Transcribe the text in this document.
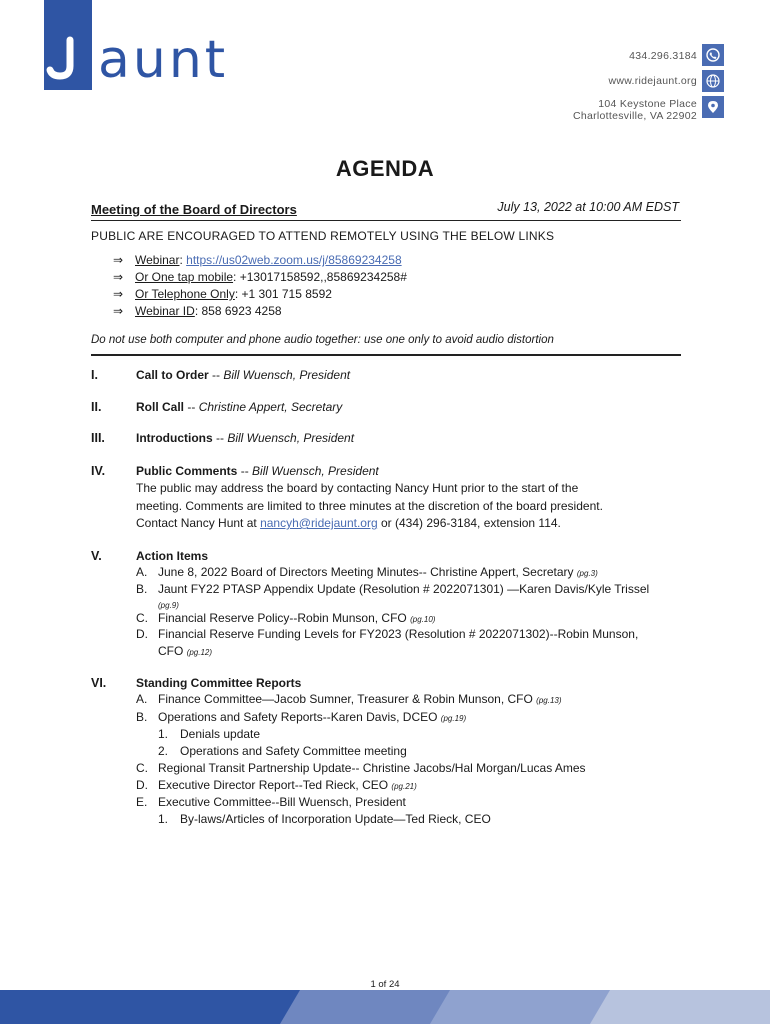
aunt	434.296.3184
www.ridejaunt.org
104 Keystone Place
Charlottesville, VA 22902
AGENDA
Meeting of the Board of Directors	July 13, 2022 at 10:00 AM EDST
PUBLIC ARE ENCOURAGED TO ATTEND REMOTELY USING THE BELOW LINKS
⇒ Webinar: https://us02web.zoom.us/j/85869234258
⇒ Or One tap mobile: +13017158592,,85869234258#
⇒ Or Telephone Only: +1 301 715 8592
⇒ Webinar ID: 858 6923 4258
Do not use both computer and phone audio together: use one only to avoid audio distortion
I.	Call to Order -- Bill Wuensch, President
II.	Roll Call -- Christine Appert, Secretary
III.	Introductions -- Bill Wuensch, President
IV.	Public Comments -- Bill Wuensch, President
The public may address the board by contacting Nancy Hunt prior to the start of the
meeting. Comments are limited to three minutes at the discretion of the board president.
Contact Nancy Hunt at nancyh@ridejaunt.org or (434) 296-3184, extension 114.
V.	Action Items
A. June 8, 2022 Board of Directors Meeting Minutes-- Christine Appert, Secretary (pg.3)
B. Jaunt FY22 PTASP Appendix Update (Resolution # 2022071301) —Karen Davis/Kyle Trissel
(pg.9)
C. Financial Reserve Policy--Robin Munson, CFO (pg.10)
D. Financial Reserve Funding Levels for FY2023 (Resolution # 2022071302)--Robin Munson,
CFO (pg.12)
VI. Standing Committee Reports
A. Finance Committee—Jacob Sumner, Treasurer & Robin Munson, CFO (pg.13)
B. Operations and Safety Reports--Karen Davis, DCEO (pg.19)
1. Denials update
2. Operations and Safety Committee meeting
C. Regional Transit Partnership Update-- Christine Jacobs/Hal Morgan/Lucas Ames
D. Executive Director Report--Ted Rieck, CEO (pg.21)
E. Executive Committee--Bill Wuensch, President
1. By-laws/Articles of Incorporation Update—Ted Rieck, CEO
1 of 24
